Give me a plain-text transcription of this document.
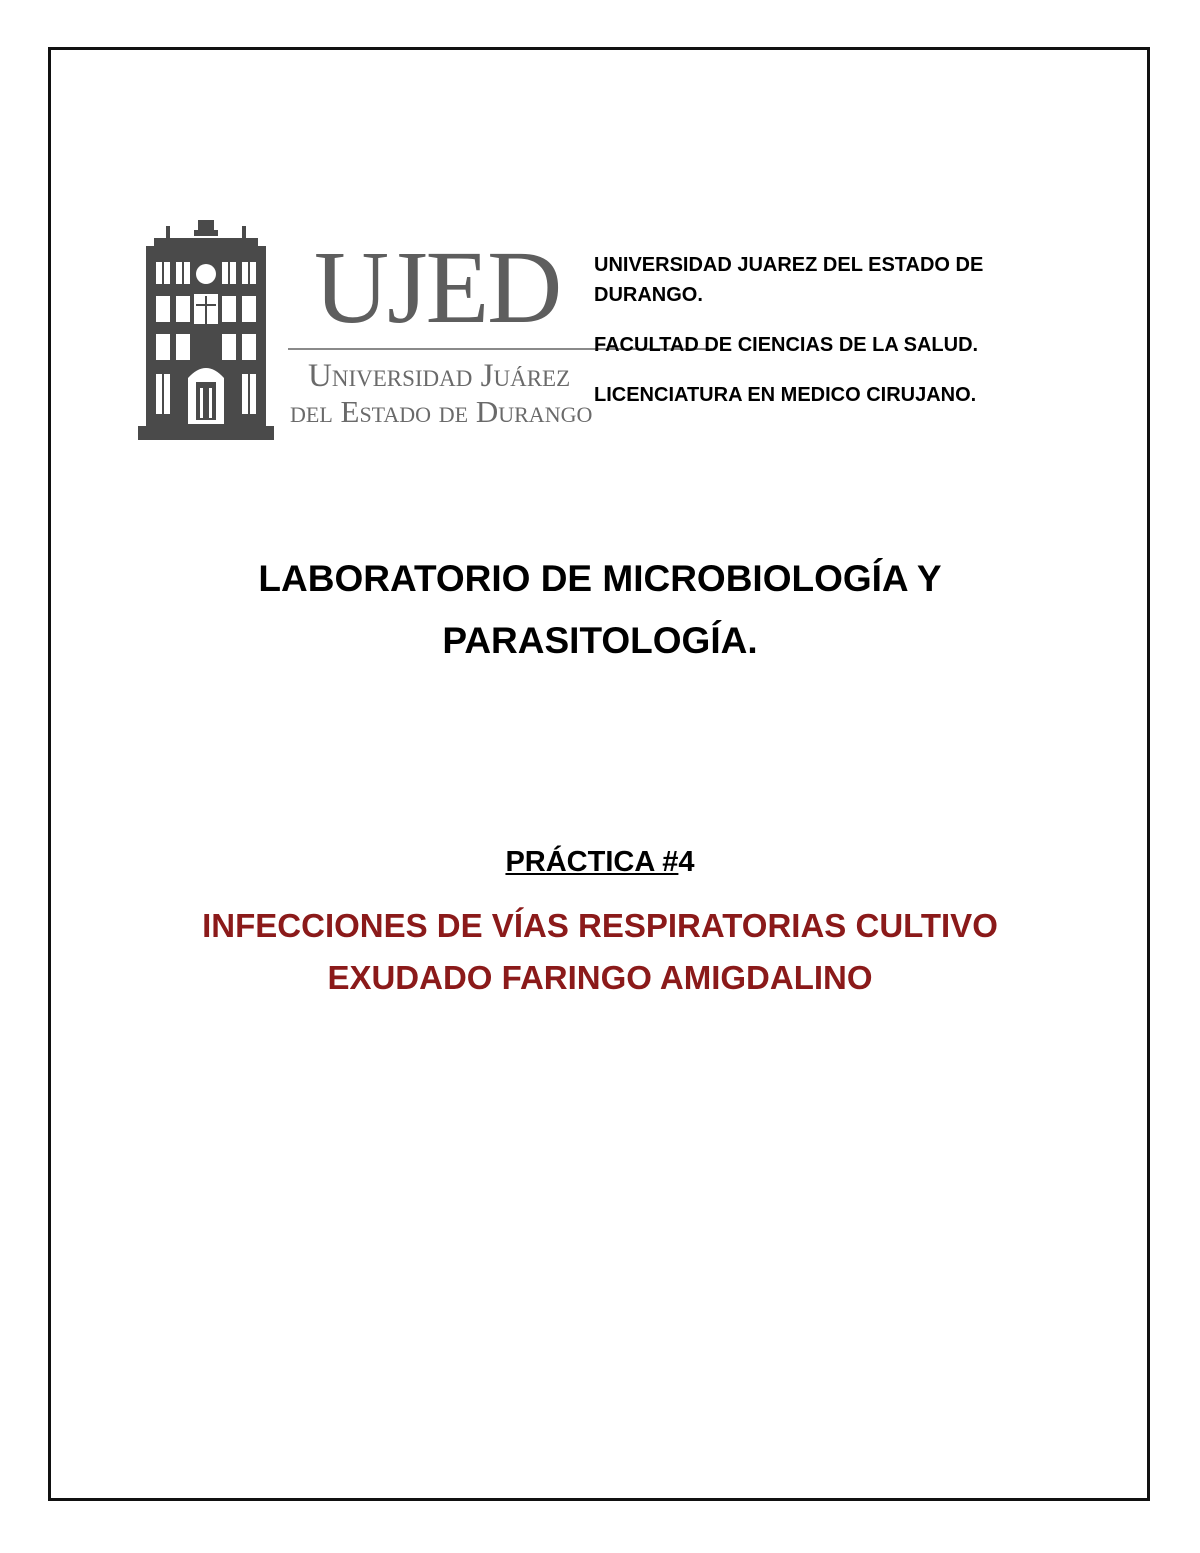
UJED
Universidad Juárez
del Estado de Durango

UNIVERSIDAD JUAREZ DEL ESTADO DE DURANGO.

FACULTAD DE CIENCIAS DE LA SALUD.

LICENCIATURA EN MEDICO CIRUJANO.

LABORATORIO DE MICROBIOLOGÍA Y
PARASITOLOGÍA.
PRÁCTICA #4
INFECCIONES DE VÍAS RESPIRATORIAS CULTIVO
EXUDADO FARINGO AMIGDALINO
